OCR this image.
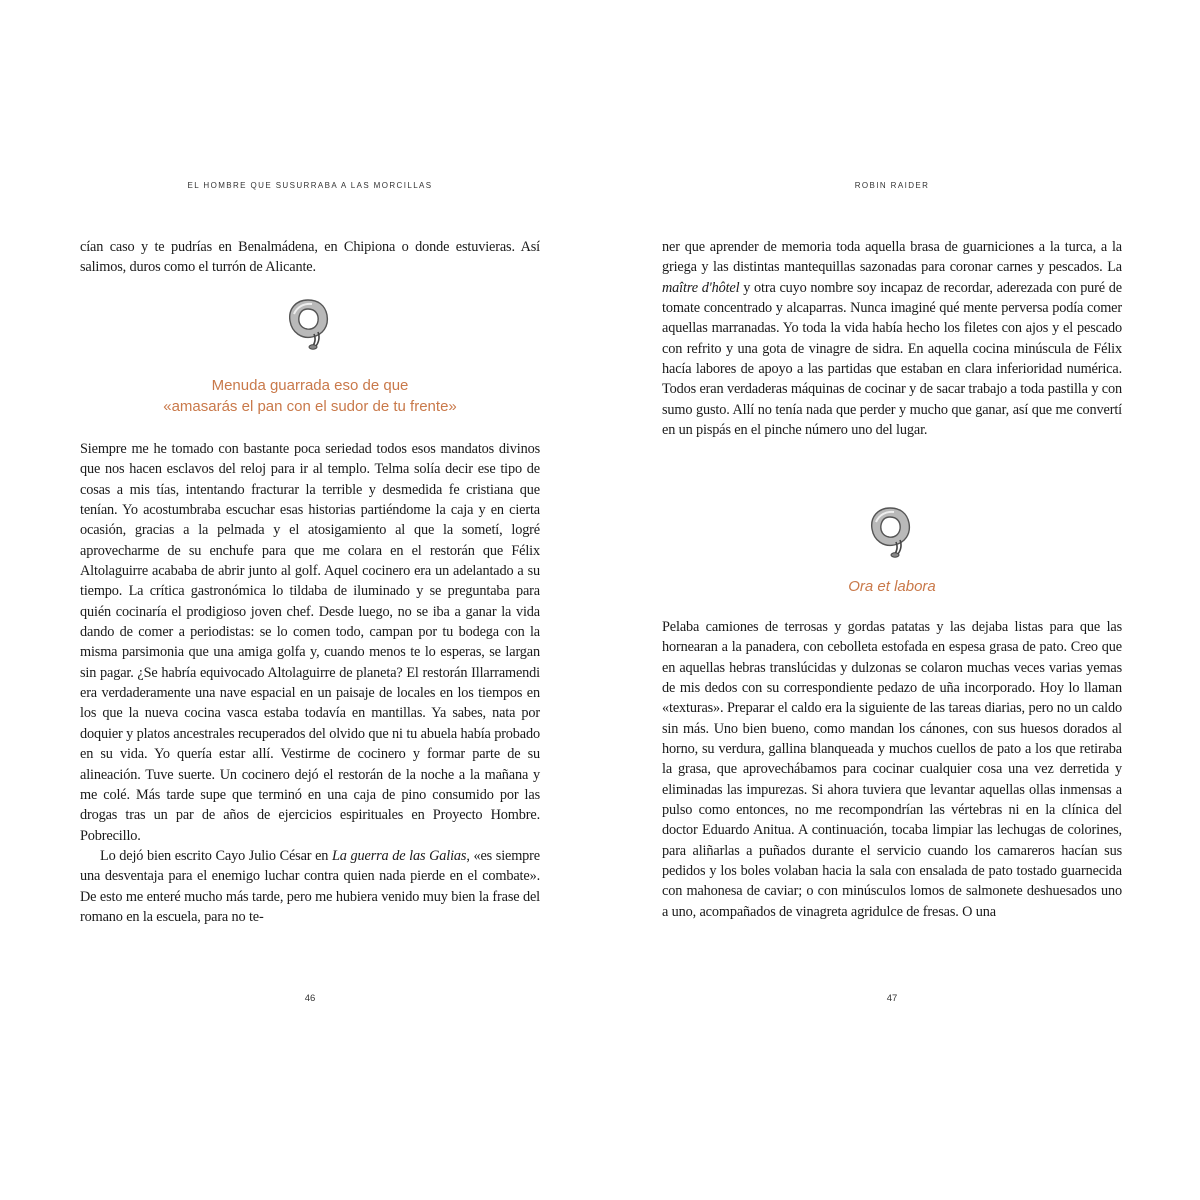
EL HOMBRE QUE SUSURRABA A LAS MORCILLAS

cían caso y te pudrías en Benalmádena, en Chipiona o donde estuvieras. Así salimos, duros como el turrón de Alicante.

Menuda guarrada eso de que
«amasarás el pan con el sudor de tu frente»

Siempre me he tomado con bastante poca seriedad todos esos mandatos divinos que nos hacen esclavos del reloj para ir al templo. Telma solía decir ese tipo de cosas a mis tías, intentando fracturar la terrible y desmedida fe cristiana que tenían. Yo acostumbraba escuchar esas historias partiéndome la caja y en cierta ocasión, gracias a la pelmada y el atosigamiento al que la sometí, logré aprovecharme de su enchufe para que me colara en el restorán que Félix Altolaguirre acababa de abrir junto al golf. Aquel cocinero era un adelantado a su tiempo. La crítica gastronómica lo tildaba de iluminado y se preguntaba para quién cocinaría el prodigioso joven chef. Desde luego, no se iba a ganar la vida dando de comer a periodistas: se lo comen todo, campan por tu bodega con la misma parsimonia que una amiga golfa y, cuando menos te lo esperas, se largan sin pagar. ¿Se habría equivocado Altolaguirre de planeta? El restorán Illarramendi era verdaderamente una nave espacial en un paisaje de locales en los tiempos en los que la nueva cocina vasca estaba todavía en mantillas. Ya sabes, nata por doquier y platos ancestrales recuperados del olvido que ni tu abuela había probado en su vida. Yo quería estar allí. Vestirme de cocinero y formar parte de su alineación. Tuve suerte. Un cocinero dejó el restorán de la noche a la mañana y me colé. Más tarde supe que terminó en una caja de pino consumido por las drogas tras un par de años de ejercicios espirituales en Proyecto Hombre. Pobrecillo.

Lo dejó bien escrito Cayo Julio César en La guerra de las Galias, «es siempre una desventaja para el enemigo luchar contra quien nada pierde en el combate». De esto me enteré mucho más tarde, pero me hubiera venido muy bien la frase del romano en la escuela, para no te-

46
ROBIN RAIDER

ner que aprender de memoria toda aquella brasa de guarniciones a la turca, a la griega y las distintas mantequillas sazonadas para coronar carnes y pescados. La maître d'hôtel y otra cuyo nombre soy incapaz de recordar, aderezada con puré de tomate concentrado y alcaparras. Nunca imaginé qué mente perversa podía comer aquellas marranadas. Yo toda la vida había hecho los filetes con ajos y el pescado con refrito y una gota de vinagre de sidra. En aquella cocina minúscula de Félix hacía labores de apoyo a las partidas que estaban en clara inferioridad numérica. Todos eran verdaderas máquinas de cocinar y de sacar trabajo a toda pastilla y con sumo gusto. Allí no tenía nada que perder y mucho que ganar, así que me convertí en un pispás en el pinche número uno del lugar.

Ora et labora

Pelaba camiones de terrosas y gordas patatas y las dejaba listas para que las hornearan a la panadera, con cebolleta estofada en espesa grasa de pato. Creo que en aquellas hebras translúcidas y dulzonas se colaron muchas veces varias yemas de mis dedos con su correspondiente pedazo de uña incorporado. Hoy lo llaman «texturas». Preparar el caldo era la siguiente de las tareas diarias, pero no un caldo sin más. Uno bien bueno, como mandan los cánones, con sus huesos dorados al horno, su verdura, gallina blanqueada y muchos cuellos de pato a los que retiraba la grasa, que aprovechábamos para cocinar cualquier cosa una vez derretida y eliminadas las impurezas. Si ahora tuviera que levantar aquellas ollas inmensas a pulso como entonces, no me recompondrían las vértebras ni en la clínica del doctor Eduardo Anitua. A continuación, tocaba limpiar las lechugas de colorines, para aliñarlas a puñados durante el servicio cuando los camareros hacían sus pedidos y los boles volaban hacia la sala con ensalada de pato tostado guarnecida con mahonesa de caviar; o con minúsculos lomos de salmonete deshuesados uno a uno, acompañados de vinagreta agridulce de fresas. O una

47
